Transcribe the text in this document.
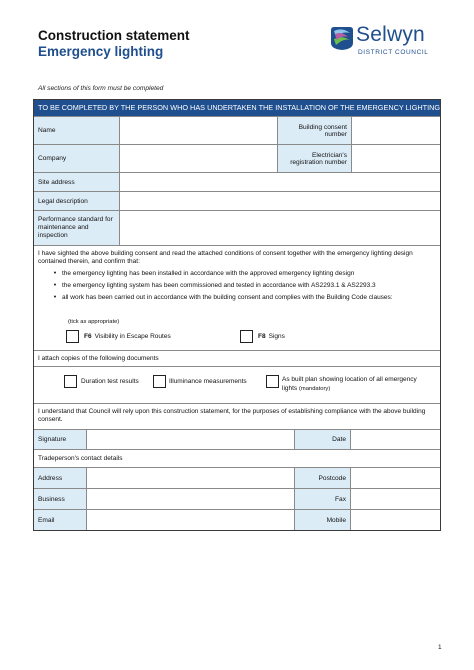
Construction statement
Emergency lighting
Selwyn
DISTRICT COUNCIL
All sections of this form must be completed
TO BE COMPLETED BY THE PERSON WHO HAS UNDERTAKEN THE INSTALLATION OF THE EMERGENCY LIGHTING
Name	Building consent number
Company	Electrician's registration number
Site address
Legal description
Performance standard for maintenance and inspection
I have sighted the above building consent and read the attached conditions of consent together with the emergency lighting design contained therein, and confirm that:
• the emergency lighting has been installed in accordance with the approved emergency lighting design
• the emergency lighting system has been commissioned and tested in accordance with AS2293.1 & AS2293.3
• all work has been carried out in accordance with the building consent and complies with the Building Code clauses:
(tick as appropriate)
F6 Visibility in Escape Routes	F8 Signs
I attach copies of the following documents
Duration test results	Illuminance measurements	As built plan showing location of all emergency lights (mandatory)
I understand that Council will rely upon this construction statement, for the purposes of establishing compliance with the above building consent.
Signature	Date
Tradeperson's contact details
Address	Postcode
Business	Fax
Email	Mobile
1
